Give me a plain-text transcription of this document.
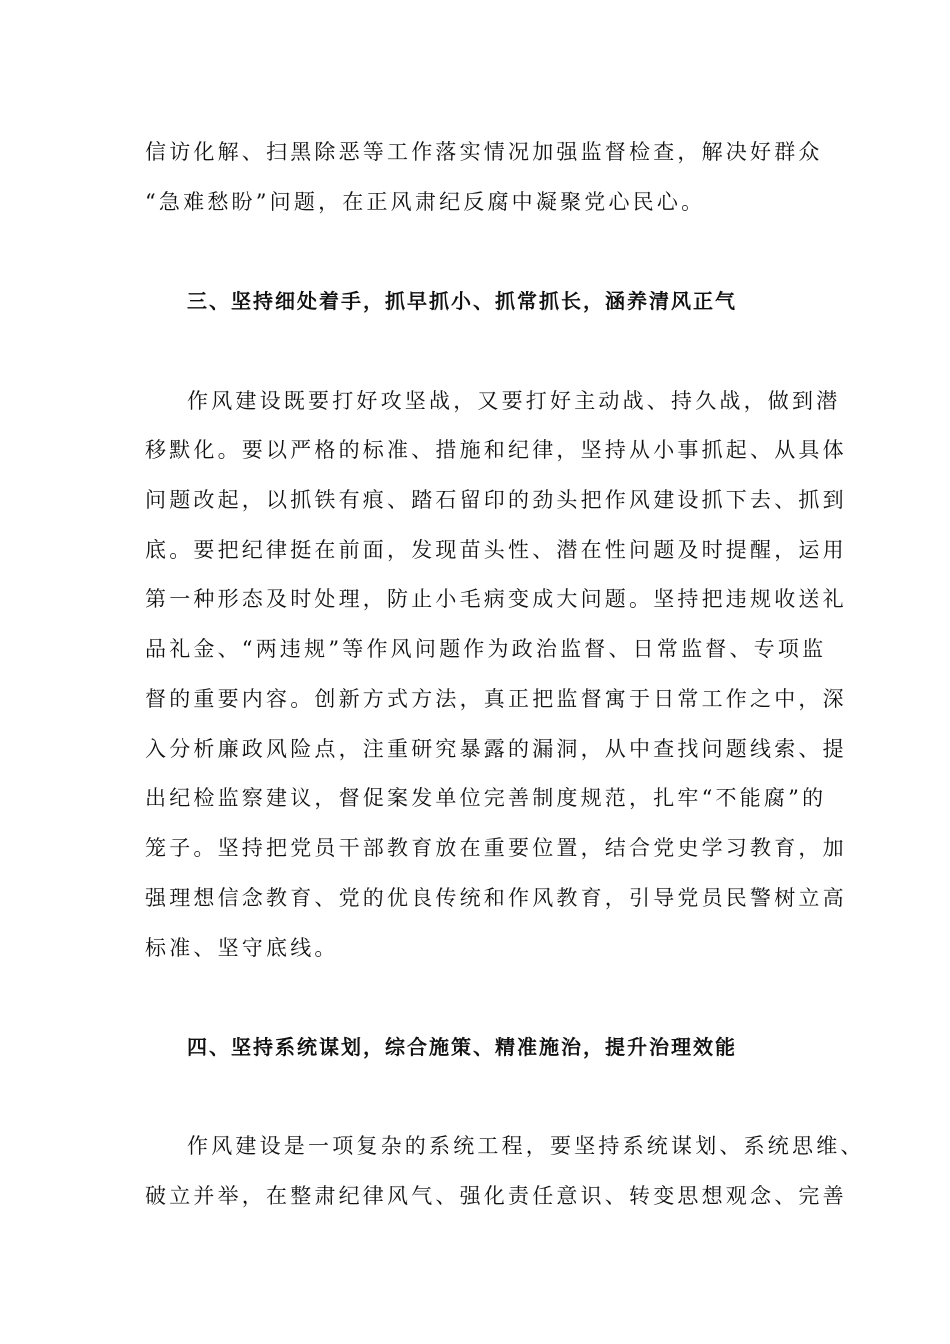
信访化解、扫黑除恶等工作落实情况加强监督检查，解决好群众
“急难愁盼”问题，在正风肃纪反腐中凝聚党心民心。
三、坚持细处着手，抓早抓小、抓常抓长，涵养清风正气
作风建设既要打好攻坚战，又要打好主动战、持久战，做到潜
移默化。要以严格的标准、措施和纪律，坚持从小事抓起、从具体
问题改起，以抓铁有痕、踏石留印的劲头把作风建设抓下去、抓到
底。要把纪律挺在前面，发现苗头性、潜在性问题及时提醒，运用
第一种形态及时处理，防止小毛病变成大问题。坚持把违规收送礼
品礼金、“两违规”等作风问题作为政治监督、日常监督、专项监
督的重要内容。创新方式方法，真正把监督寓于日常工作之中，深
入分析廉政风险点，注重研究暴露的漏洞，从中查找问题线索、提
出纪检监察建议，督促案发单位完善制度规范，扎牢“不能腐”的
笼子。坚持把党员干部教育放在重要位置，结合党史学习教育，加
强理想信念教育、党的优良传统和作风教育，引导党员民警树立高
标准、坚守底线。
四、坚持系统谋划，综合施策、精准施治，提升治理效能
作风建设是一项复杂的系统工程，要坚持系统谋划、系统思维、
破立并举，在整肃纪律风气、强化责任意识、转变思想观念、完善
